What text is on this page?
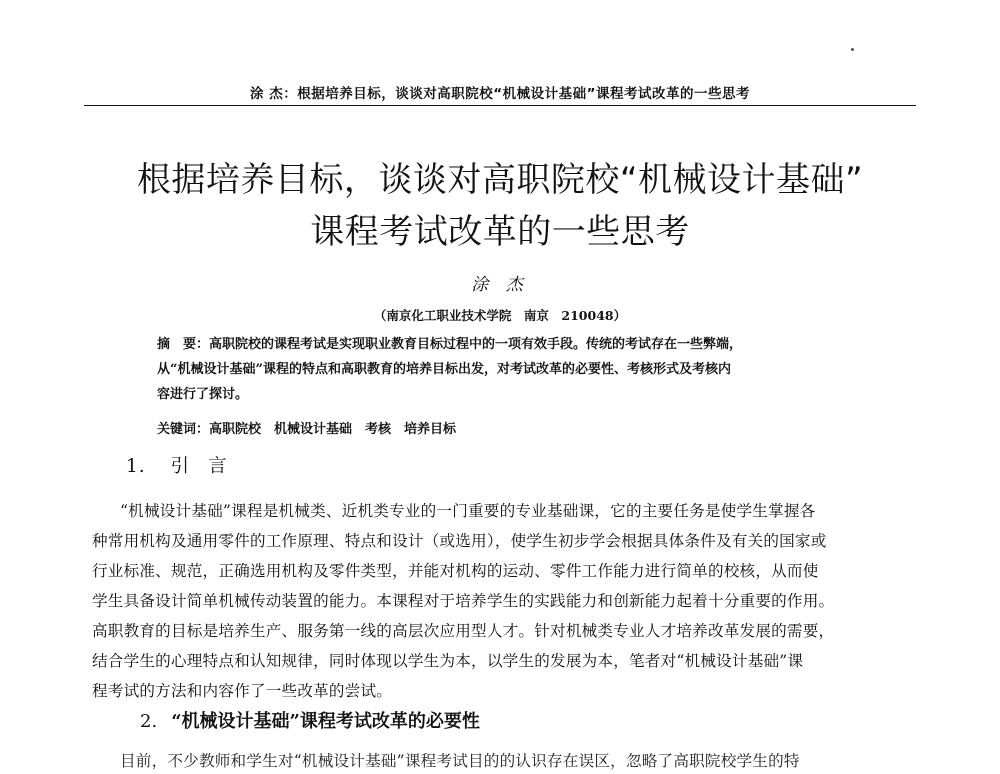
涂 杰：根据培养目标，谈谈对高职院校“机械设计基础”课程考试改革的一些思考
根据培养目标，谈谈对高职院校“机械设计基础”
课程考试改革的一些思考
涂 杰
（南京化工职业技术学院　南京　210048）
摘　要：高职院校的课程考试是实现职业教育目标过程中的一项有效手段。传统的考试存在一些弊端，
从“机械设计基础”课程的特点和高职教育的培养目标出发，对考试改革的必要性、考核形式及考核内
容进行了探讨。
关键词：高职院校　机械设计基础　考核　培养目标
1. 引 言
“机械设计基础”课程是机械类、近机类专业的一门重要的专业基础课，它的主要任务是使学生掌握各
种常用机构及通用零件的工作原理、特点和设计（或选用），使学生初步学会根据具体条件及有关的国家或
行业标准、规范，正确选用机构及零件类型，并能对机构的运动、零件工作能力进行简单的校核，从而使
学生具备设计简单机械传动装置的能力。本课程对于培养学生的实践能力和创新能力起着十分重要的作用。
高职教育的目标是培养生产、服务第一线的高层次应用型人才。针对机械类专业人才培养改革发展的需要，
结合学生的心理特点和认知规律，同时体现以学生为本，以学生的发展为本，笔者对“机械设计基础”课
程考试的方法和内容作了一些改革的尝试。
2. “机械设计基础”课程考试改革的必要性
目前，不少教师和学生对“机械设计基础”课程考试目的的认识存在误区，忽略了高职院校学生的特
